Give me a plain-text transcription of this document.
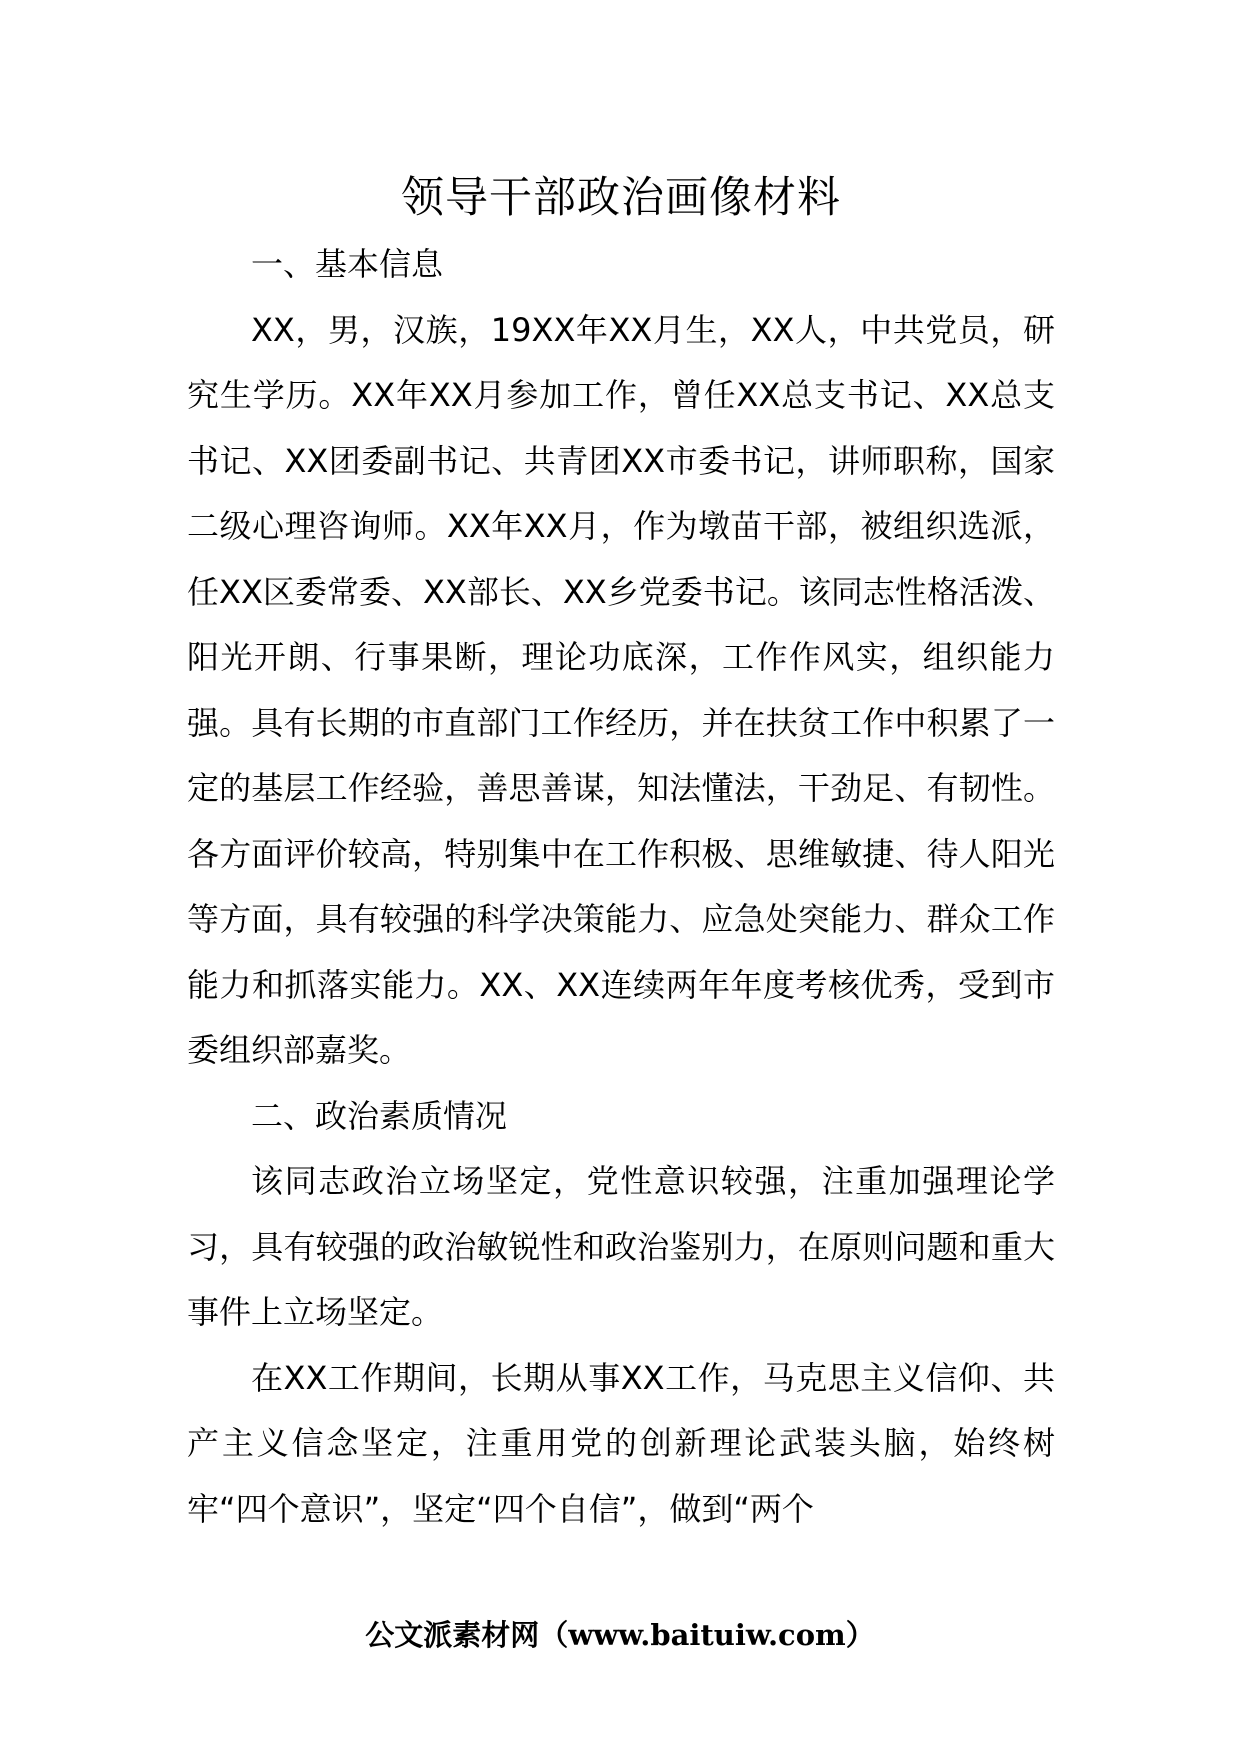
领导干部政治画像材料

一、基本信息

XX，男，汉族，19XX年XX月生，XX人，中共党员，研究生学历。XX年XX月参加工作，曾任XX总支书记、XX总支书记、XX团委副书记、共青团XX市委书记，讲师职称，国家二级心理咨询师。XX年XX月，作为墩苗干部，被组织选派，任XX区委常委、XX部长、XX乡党委书记。该同志性格活泼、阳光开朗、行事果断，理论功底深，工作作风实，组织能力强。具有长期的市直部门工作经历，并在扶贫工作中积累了一定的基层工作经验，善思善谋，知法懂法，干劲足、有韧性。各方面评价较高，特别集中在工作积极、思维敏捷、待人阳光等方面，具有较强的科学决策能力、应急处突能力、群众工作能力和抓落实能力。XX、XX连续两年年度考核优秀，受到市委组织部嘉奖。

二、政治素质情况

该同志政治立场坚定，党性意识较强，注重加强理论学习，具有较强的政治敏锐性和政治鉴别力，在原则问题和重大事件上立场坚定。

在XX工作期间，长期从事XX工作，马克思主义信仰、共产主义信念坚定，注重用党的创新理论武装头脑，始终树牢“四个意识”，坚定“四个自信”，做到“两个

公文派素材网（www.baituiw.com）
